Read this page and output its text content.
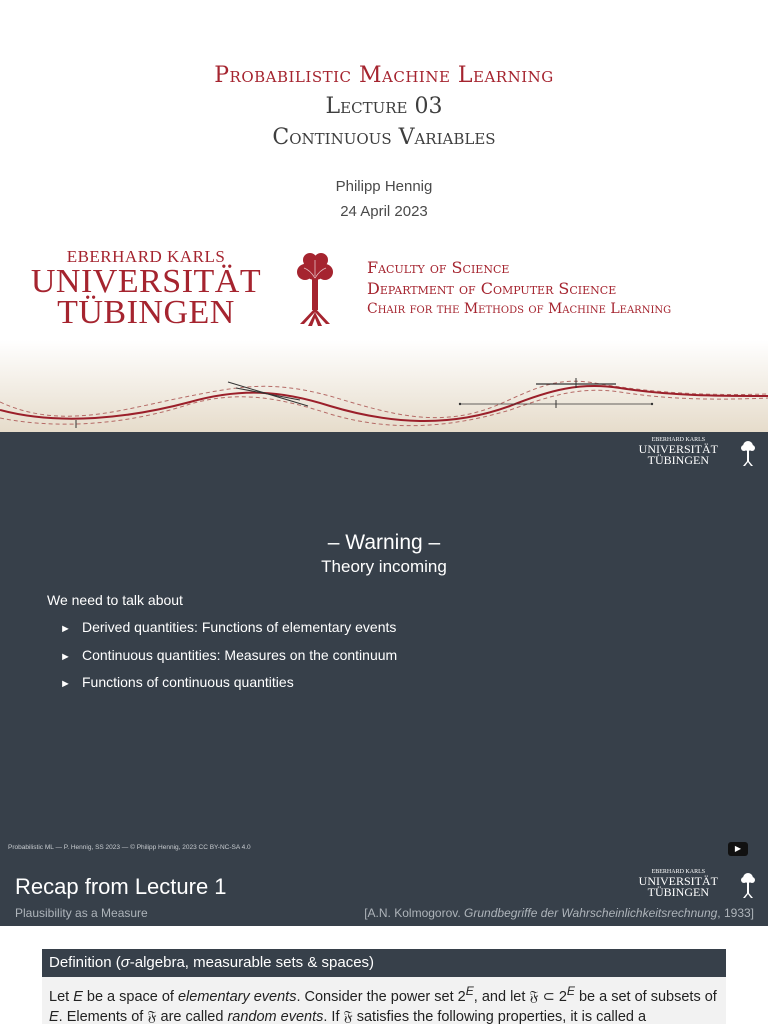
Probabilistic Machine Learning
Lecture 03
Continuous Variables
Philipp Hennig
24 April 2023
EBERHARD KARLS
UNIVERSITÄT
TÜBINGEN
Faculty of Science
Department of Computer Science
Chair for the Methods of Machine Learning
EBERHARD KARLS
UNIVERSITÄT
TÜBINGEN
– Warning –
Theory incoming
We need to talk about
► Derived quantities: Functions of elementary events
► Continuous quantities: Measures on the continuum
► Functions of continuous quantities
Probabilistic ML — P. Hennig, SS 2023 — © Philipp Hennig, 2023 CC BY-NC-SA 4.0	▶
Recap from Lecture 1
Plausibility as a Measure	[A.N. Kolmogorov. Grundbegriffe der Wahrscheinlichkeitsrechnung, 1933]
EBERHARD KARLS
UNIVERSITÄT
TÜBINGEN
Definition (σ-algebra, measurable sets & spaces)
Let E be a space of elementary events. Consider the power set $2^E$, and let 𝔉 ⊂ $2^E$ be a set of subsets of
E. Elements of 𝔉 are called random events. If 𝔉 satisfies the following properties, it is called a
